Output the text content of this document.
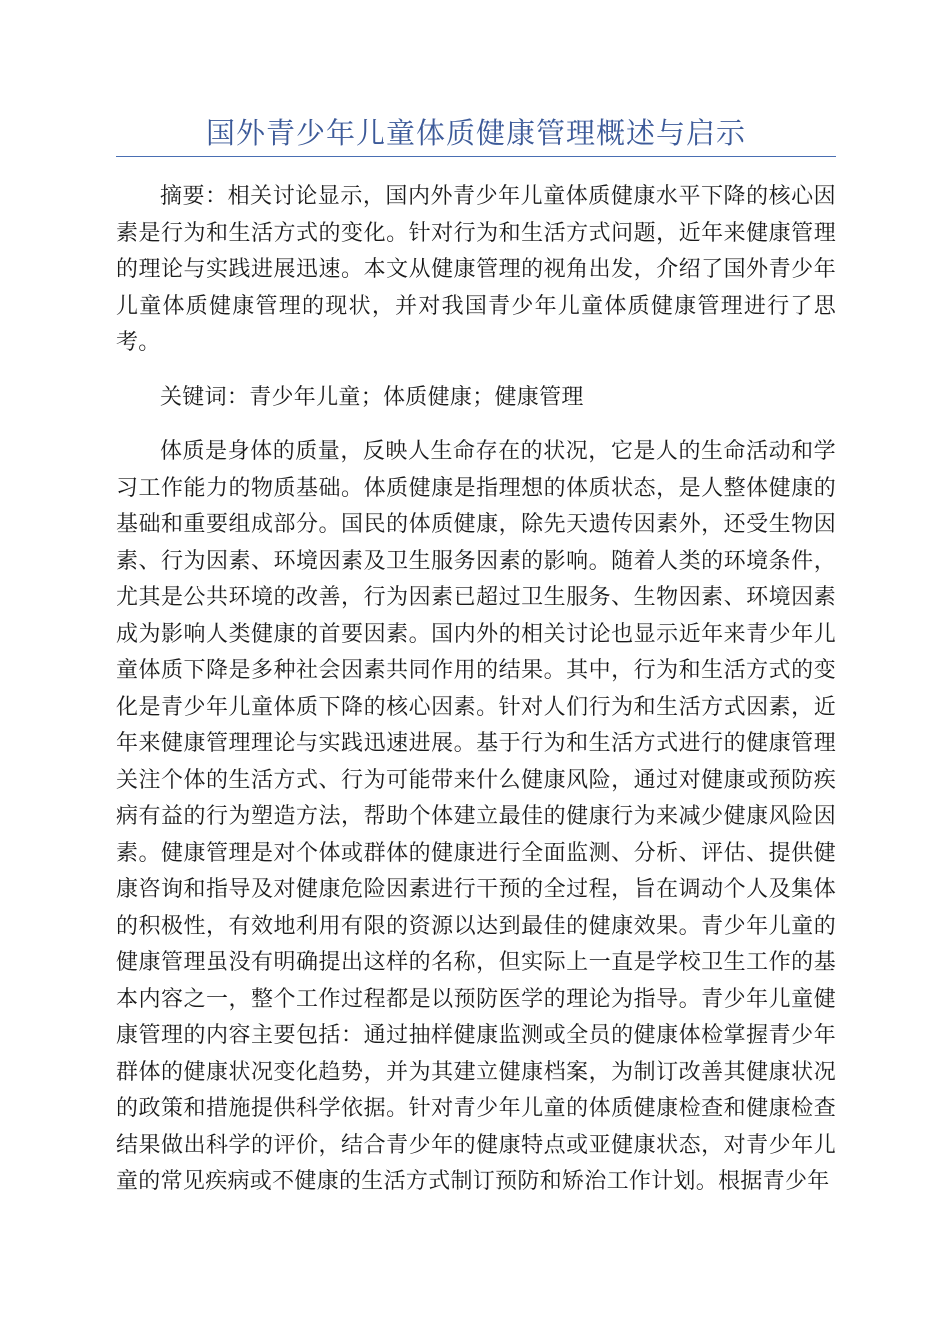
国外青少年儿童体质健康管理概述与启示

摘要：相关讨论显示，国内外青少年儿童体质健康水平下降的核心因素是行为和生活方式的变化。针对行为和生活方式问题，近年来健康管理的理论与实践进展迅速。本文从健康管理的视角出发，介绍了国外青少年儿童体质健康管理的现状，并对我国青少年儿童体质健康管理进行了思考。

关键词：青少年儿童；体质健康；健康管理

体质是身体的质量，反映人生命存在的状况，它是人的生命活动和学习工作能力的物质基础。体质健康是指理想的体质状态，是人整体健康的基础和重要组成部分。国民的体质健康，除先天遗传因素外，还受生物因素、行为因素、环境因素及卫生服务因素的影响。随着人类的环境条件，尤其是公共环境的改善，行为因素已超过卫生服务、生物因素、环境因素成为影响人类健康的首要因素。国内外的相关讨论也显示近年来青少年儿童体质下降是多种社会因素共同作用的结果。其中，行为和生活方式的变化是青少年儿童体质下降的核心因素。针对人们行为和生活方式因素，近年来健康管理理论与实践迅速进展。基于行为和生活方式进行的健康管理关注个体的生活方式、行为可能带来什么健康风险，通过对健康或预防疾病有益的行为塑造方法，帮助个体建立最佳的健康行为来减少健康风险因素。健康管理是对个体或群体的健康进行全面监测、分析、评估、提供健康咨询和指导及对健康危险因素进行干预的全过程，旨在调动个人及集体的积极性，有效地利用有限的资源以达到最佳的健康效果。青少年儿童的健康管理虽没有明确提出这样的名称，但实际上一直是学校卫生工作的基本内容之一，整个工作过程都是以预防医学的理论为指导。青少年儿童健康管理的内容主要包括：通过抽样健康监测或全员的健康体检掌握青少年群体的健康状况变化趋势，并为其建立健康档案，为制订改善其健康状况的政策和措施提供科学依据。针对青少年儿童的体质健康检查和健康检查结果做出科学的评价，结合青少年的健康特点或亚健康状态，对青少年儿童的常见疾病或不健康的生活方式制订预防和矫治工作计划。根据青少年
